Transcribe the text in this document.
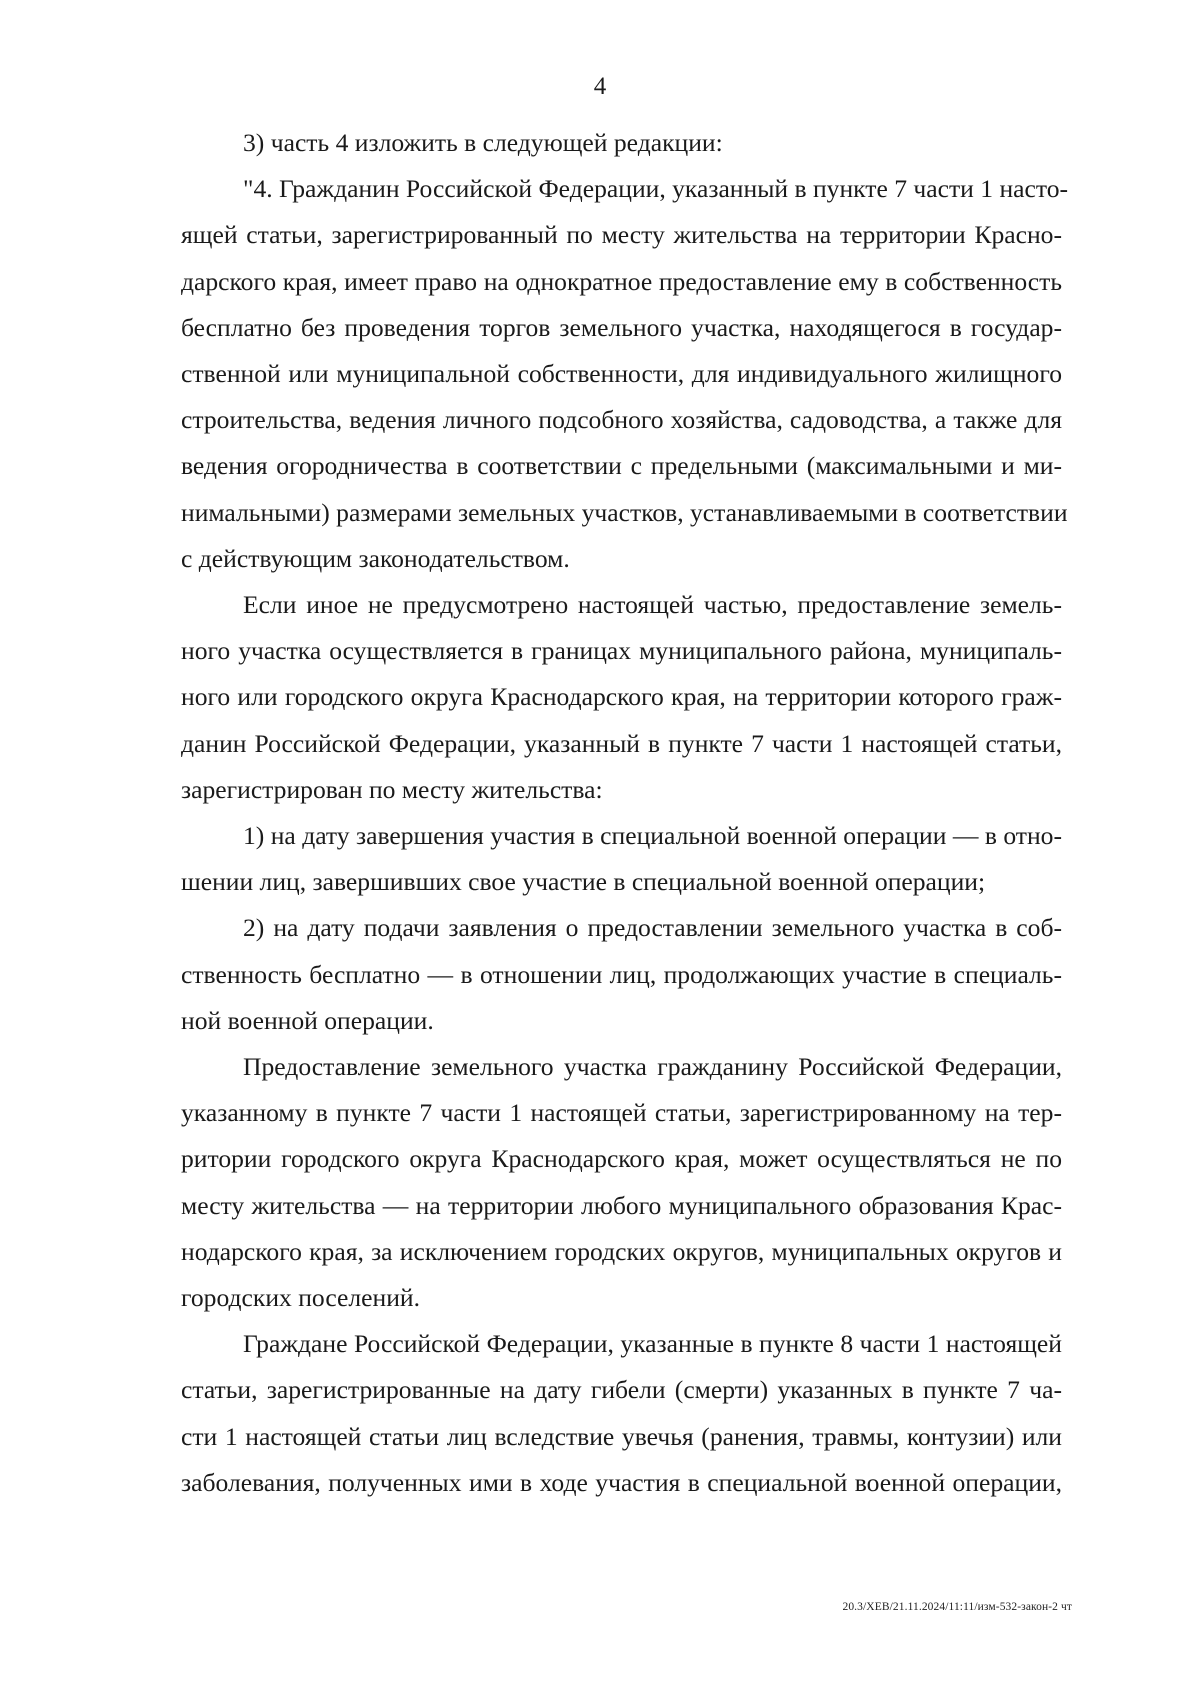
4
3) часть 4 изложить в следующей редакции:
"4. Гражданин Российской Федерации, указанный в пункте 7 части 1 насто-
ящей статьи, зарегистрированный по месту жительства на территории Красно-
дарского края, имеет право на однократное предоставление ему в собственность
бесплатно без проведения торгов земельного участка, находящегося в государ-
ственной или муниципальной собственности, для индивидуального жилищного
строительства, ведения личного подсобного хозяйства, садоводства, а также для
ведения огородничества в соответствии с предельными (максимальными и ми-
нимальными) размерами земельных участков, устанавливаемыми в соответствии
с действующим законодательством.
Если иное не предусмотрено настоящей частью, предоставление земель-
ного участка осуществляется в границах муниципального района, муниципаль-
ного или городского округа Краснодарского края, на территории которого граж-
данин Российской Федерации, указанный в пункте 7 части 1 настоящей статьи,
зарегистрирован по месту жительства:
1) на дату завершения участия в специальной военной операции — в отно-
шении лиц, завершивших свое участие в специальной военной операции;
2) на дату подачи заявления о предоставлении земельного участка в соб-
ственность бесплатно — в отношении лиц, продолжающих участие в специаль-
ной военной операции.
Предоставление земельного участка гражданину Российской Федерации,
указанному в пункте 7 части 1 настоящей статьи, зарегистрированному на тер-
ритории городского округа Краснодарского края, может осуществляться не по
месту жительства — на территории любого муниципального образования Крас-
нодарского края, за исключением городских округов, муниципальных округов и
городских поселений.
Граждане Российской Федерации, указанные в пункте 8 части 1 настоящей
статьи, зарегистрированные на дату гибели (смерти) указанных в пункте 7 ча-
сти 1 настоящей статьи лиц вследствие увечья (ранения, травмы, контузии) или
заболевания, полученных ими в ходе участия в специальной военной операции,
20.3/ХЕВ/21.11.2024/11:11/изм-532-закон-2 чт
